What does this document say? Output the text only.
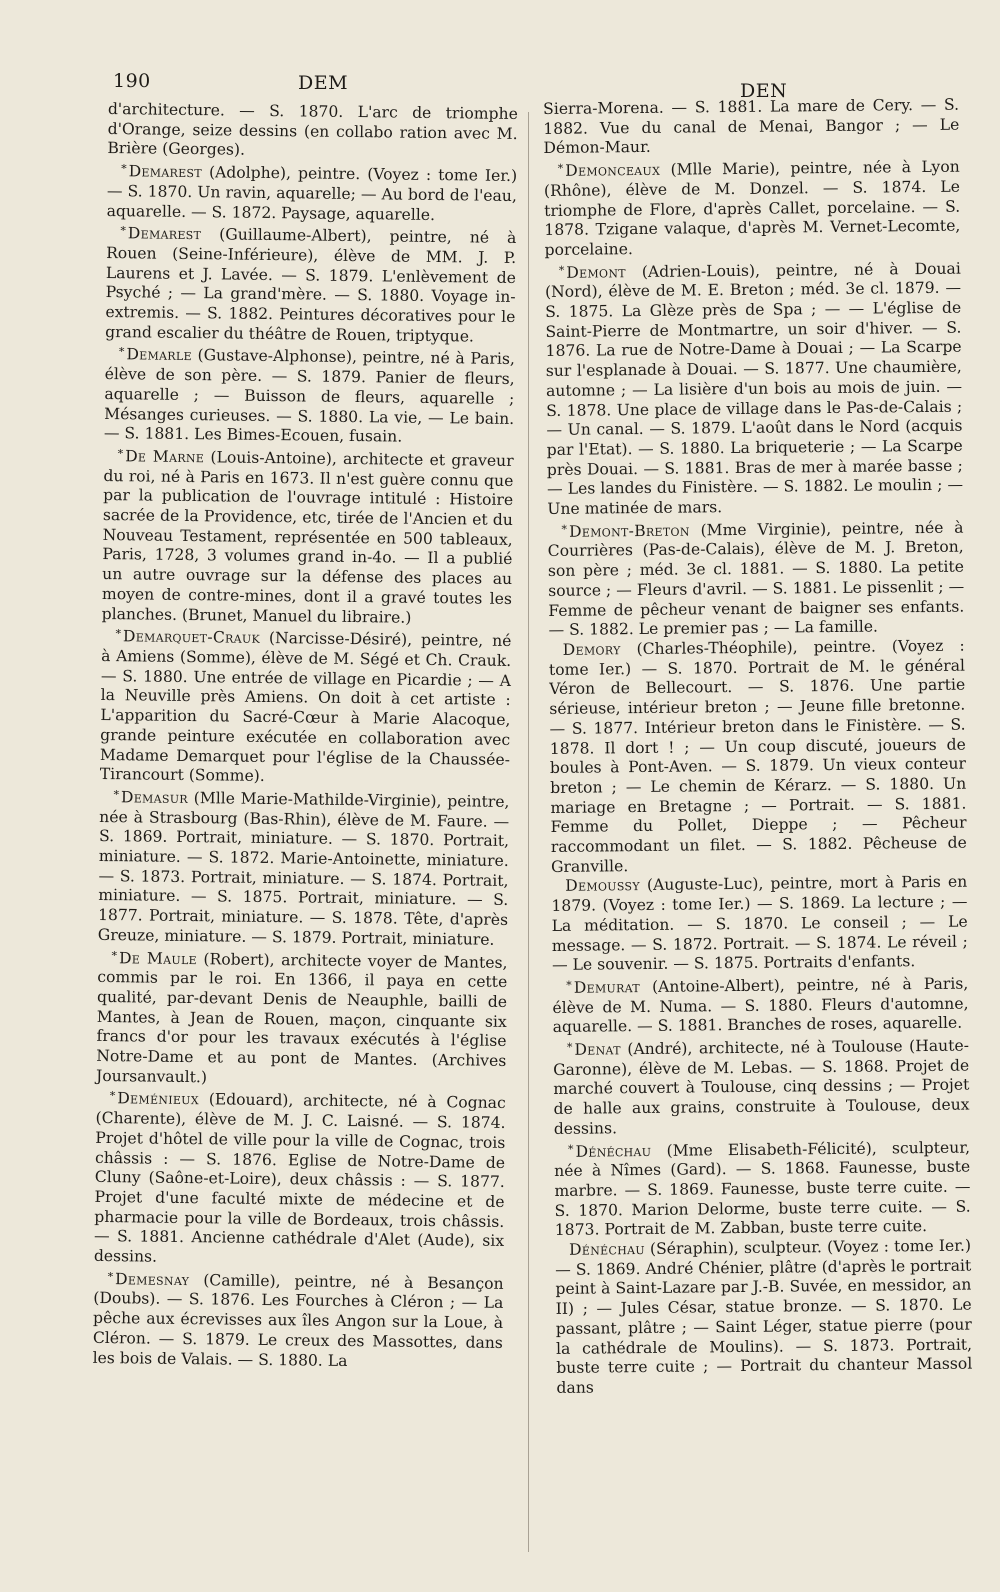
190	DEM	DEN

d'architecture. — S. 1870. L'arc de triomphe d'Orange, seize dessins (en collabo ration avec M. Brière (Georges).

* Demarest (Adolphe), peintre. (Voyez : tome Ier.) — S. 1870. Un ravin, aquarelle; — Au bord de l'eau, aquarelle. — S. 1872. Paysage, aquarelle.

* Demarest (Guillaume-Albert), peintre, né à Rouen (Seine-Inférieure), élève de MM. J. P. Laurens et J. Lavée. — S. 1879. L'enlèvement de Psyché ; — La grand'mère. — S. 1880. Voyage in-extremis. — S. 1882. Peintures décoratives pour le grand escalier du théâtre de Rouen, triptyque.

* Demarle (Gustave-Alphonse), peintre, né à Paris, élève de son père. — S. 1879. Panier de fleurs, aquarelle ; — Buisson de fleurs, aquarelle ; Mésanges curieuses. — S. 1880. La vie, — Le bain. — S. 1881. Les Bimes-Ecouen, fusain.

* De Marne (Louis-Antoine), architecte et graveur du roi, né à Paris en 1673. Il n'est guère connu que par la publication de l'ouvrage intitulé : Histoire sacrée de la Providence, etc, tirée de l'Ancien et du Nouveau Testament, représentée en 500 tableaux, Paris, 1728, 3 volumes grand in-4o. — Il a publié un autre ouvrage sur la défense des places au moyen de contre-mines, dont il a gravé toutes les planches. (Brunet, Manuel du libraire.)

* Demarquet-Crauk (Narcisse-Désiré), peintre, né à Amiens (Somme), élève de M. Ségé et Ch. Crauk. — S. 1880. Une entrée de village en Picardie ; — A la Neuville près Amiens. On doit à cet artiste : L'apparition du Sacré-Cœur à Marie Alacoque, grande peinture exécutée en collaboration avec Madame Demarquet pour l'église de la Chaussée-Tirancourt (Somme).

* Demasur (Mlle Marie-Mathilde-Virginie), peintre, née à Strasbourg (Bas-Rhin), élève de M. Faure. — S. 1869. Portrait, miniature. — S. 1870. Portrait, miniature. — S. 1872. Marie-Antoinette, miniature. — S. 1873. Portrait, miniature. — S. 1874. Portrait, miniature. — S. 1875. Portrait, miniature. — S. 1877. Portrait, miniature. — S. 1878. Tête, d'après Greuze, miniature. — S. 1879. Portrait, miniature.

* De Maule (Robert), architecte voyer de Mantes, commis par le roi. En 1366, il paya en cette qualité, par-devant Denis de Neauphle, bailli de Mantes, à Jean de Rouen, maçon, cinquante six francs d'or pour les travaux exécutés à l'église Notre-Dame et au pont de Mantes. (Archives Joursanvault.)

* Deménieux (Edouard), architecte, né à Cognac (Charente), élève de M. J. C. Laisné. — S. 1874. Projet d'hôtel de ville pour la ville de Cognac, trois châssis : — S. 1876. Eglise de Notre-Dame de Cluny (Saône-et-Loire), deux châssis : — S. 1877. Projet d'une faculté mixte de médecine et de pharmacie pour la ville de Bordeaux, trois châssis. — S. 1881. Ancienne cathédrale d'Alet (Aude), six dessins.

* Demesnay (Camille), peintre, né à Besançon (Doubs). — S. 1876. Les Fourches à Cléron ; — La pêche aux écrevisses aux îles Angon sur la Loue, à Cléron. — S. 1879. Le creux des Massottes, dans les bois de Valais. — S. 1880. La

Sierra-Morena. — S. 1881. La mare de Cery. — S. 1882. Vue du canal de Menai, Bangor ; — Le Démon-Maur.

* Demonceaux (Mlle Marie), peintre, née à Lyon (Rhône), élève de M. Donzel. — S. 1874. Le triomphe de Flore, d'après Callet, porcelaine. — S. 1878. Tzigane valaque, d'après M. Vernet-Lecomte, porcelaine.

* Demont (Adrien-Louis), peintre, né à Douai (Nord), élève de M. E. Breton ; méd. 3e cl. 1879. — S. 1875. La Glèze près de Spa ; — — L'église de Saint-Pierre de Montmartre, un soir d'hiver. — S. 1876. La rue de Notre-Dame à Douai ; — La Scarpe sur l'esplanade à Douai. — S. 1877. Une chaumière, automne ; — La lisière d'un bois au mois de juin. — S. 1878. Une place de village dans le Pas-de-Calais ; — Un canal. — S. 1879. L'août dans le Nord (acquis par l'Etat). — S. 1880. La briqueterie ; — La Scarpe près Douai. — S. 1881. Bras de mer à marée basse ; — Les landes du Finistère. — S. 1882. Le moulin ; — Une matinée de mars.

* Demont-Breton (Mme Virginie), peintre, née à Courrières (Pas-de-Calais), élève de M. J. Breton, son père ; méd. 3e cl. 1881. — S. 1880. La petite source ; — Fleurs d'avril. — S. 1881. Le pissenlit ; — Femme de pêcheur venant de baigner ses enfants. — S. 1882. Le premier pas ; — La famille.

Demory (Charles-Théophile), peintre. (Voyez : tome Ier.) — S. 1870. Portrait de M. le général Véron de Bellecourt. — S. 1876. Une partie sérieuse, intérieur breton ; — Jeune fille bretonne. — S. 1877. Intérieur breton dans le Finistère. — S. 1878. Il dort ! ; — Un coup discuté, joueurs de boules à Pont-Aven. — S. 1879. Un vieux conteur breton ; — Le chemin de Kérarz. — S. 1880. Un mariage en Bretagne ; — Portrait. — S. 1881. Femme du Pollet, Dieppe ; — Pêcheur raccommodant un filet. — S. 1882. Pêcheuse de Granville.

Demoussy (Auguste-Luc), peintre, mort à Paris en 1879. (Voyez : tome Ier.) — S. 1869. La lecture ; — La méditation. — S. 1870. Le conseil ; — Le message. — S. 1872. Portrait. — S. 1874. Le réveil ; — Le souvenir. — S. 1875. Portraits d'enfants.

* Demurat (Antoine-Albert), peintre, né à Paris, élève de M. Numa. — S. 1880. Fleurs d'automne, aquarelle. — S. 1881. Branches de roses, aquarelle.

* Denat (André), architecte, né à Toulouse (Haute-Garonne), élève de M. Lebas. — S. 1868. Projet de marché couvert à Toulouse, cinq dessins ; — Projet de halle aux grains, construite à Toulouse, deux dessins.

* Dénéchau (Mme Elisabeth-Félicité), sculpteur, née à Nîmes (Gard). — S. 1868. Faunesse, buste marbre. — S. 1869. Faunesse, buste terre cuite. — S. 1870. Marion Delorme, buste terre cuite. — S. 1873. Portrait de M. Zabban, buste terre cuite.

Dénéchau (Séraphin), sculpteur. (Voyez : tome Ier.) — S. 1869. André Chénier, plâtre (d'après le portrait peint à Saint-Lazare par J.-B. Suvée, en messidor, an II) ; — Jules César, statue bronze. — S. 1870. Le passant, plâtre ; — Saint Léger, statue pierre (pour la cathédrale de Moulins). — S. 1873. Portrait, buste terre cuite ; — Portrait du chanteur Massol dans
